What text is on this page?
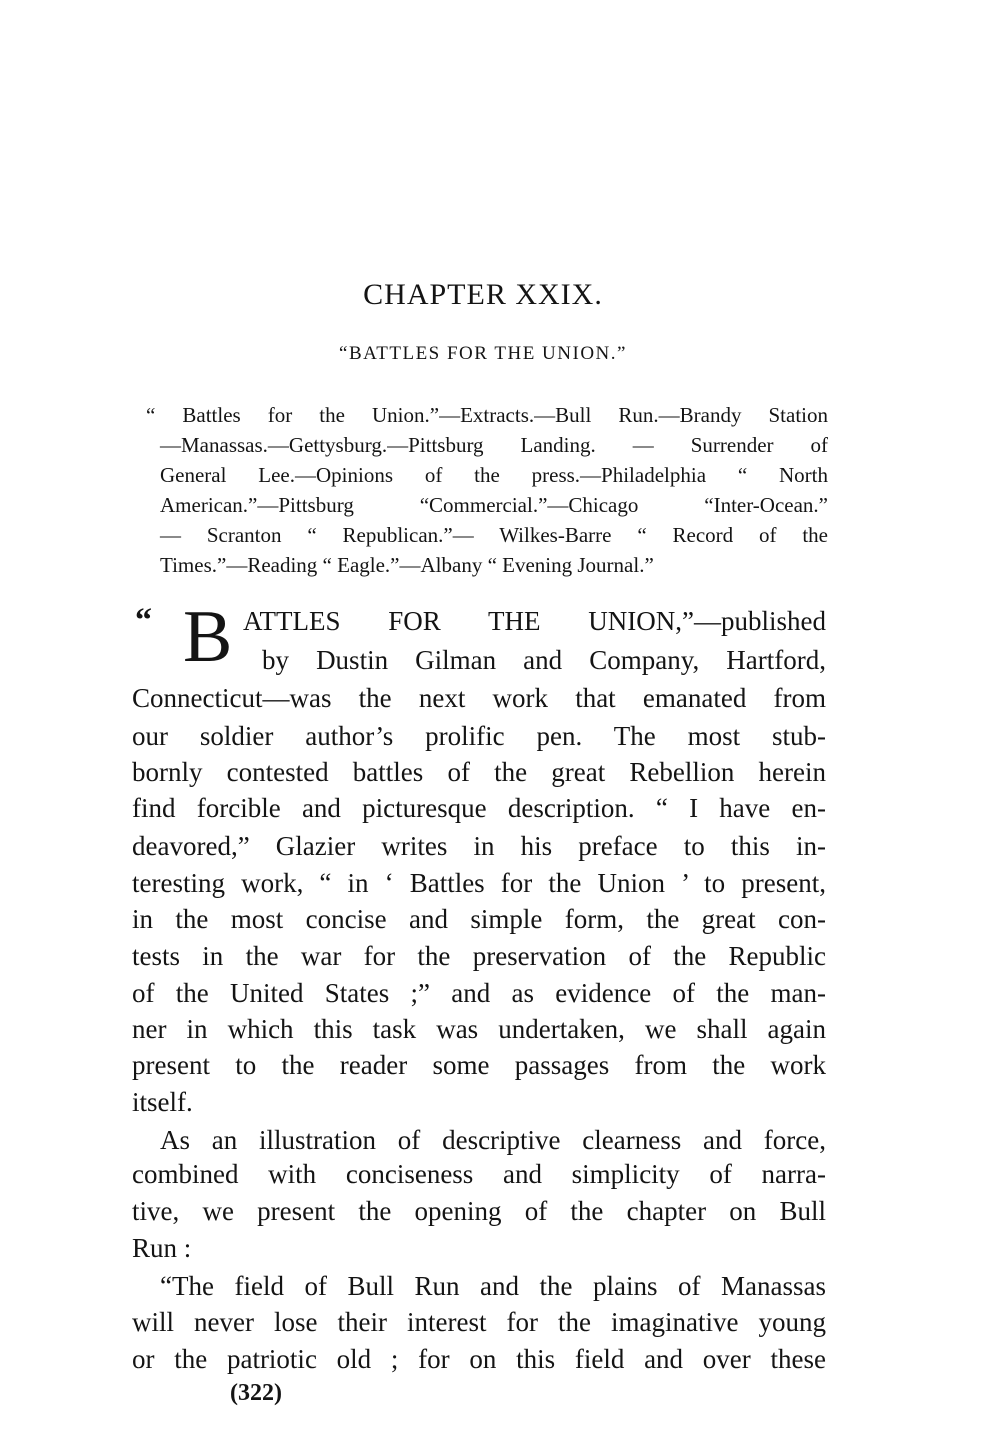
CHAPTER XXIX.
“BATTLES FOR THE UNION.”
“ Battles for the Union.”—Extracts.—Bull Run.—Brandy Station
—Manassas.—Gettysburg.—Pittsburg Landing. — Surrender of
General Lee.—Opinions of the press.—Philadelphia “ North
American.”—Pittsburg “Commercial.”—Chicago “Inter-Ocean.”
— Scranton “ Republican.”— Wilkes-Barre “ Record of the
Times.”—Reading “ Eagle.”—Albany “ Evening Journal.”
“ B ATTLES FOR THE UNION,”—published
by Dustin Gilman and Company, Hartford,
Connecticut—was the next work that emanated from
our soldier author’s prolific pen. The most stub-
bornly contested battles of the great Rebellion herein
find forcible and picturesque description. “ I have en-
deavored,” Glazier writes in his preface to this in-
teresting work, “ in ‘ Battles for the Union ’ to present,
in the most concise and simple form, the great con-
tests in the war for the preservation of the Republic
of the United States ;” and as evidence of the man-
ner in which this task was undertaken, we shall again
present to the reader some passages from the work
itself.
As an illustration of descriptive clearness and force,
combined with conciseness and simplicity of narra-
tive, we present the opening of the chapter on Bull
Run :
“The field of Bull Run and the plains of Manassas
will never lose their interest for the imaginative young
or the patriotic old ; for on this field and over these
(322)
